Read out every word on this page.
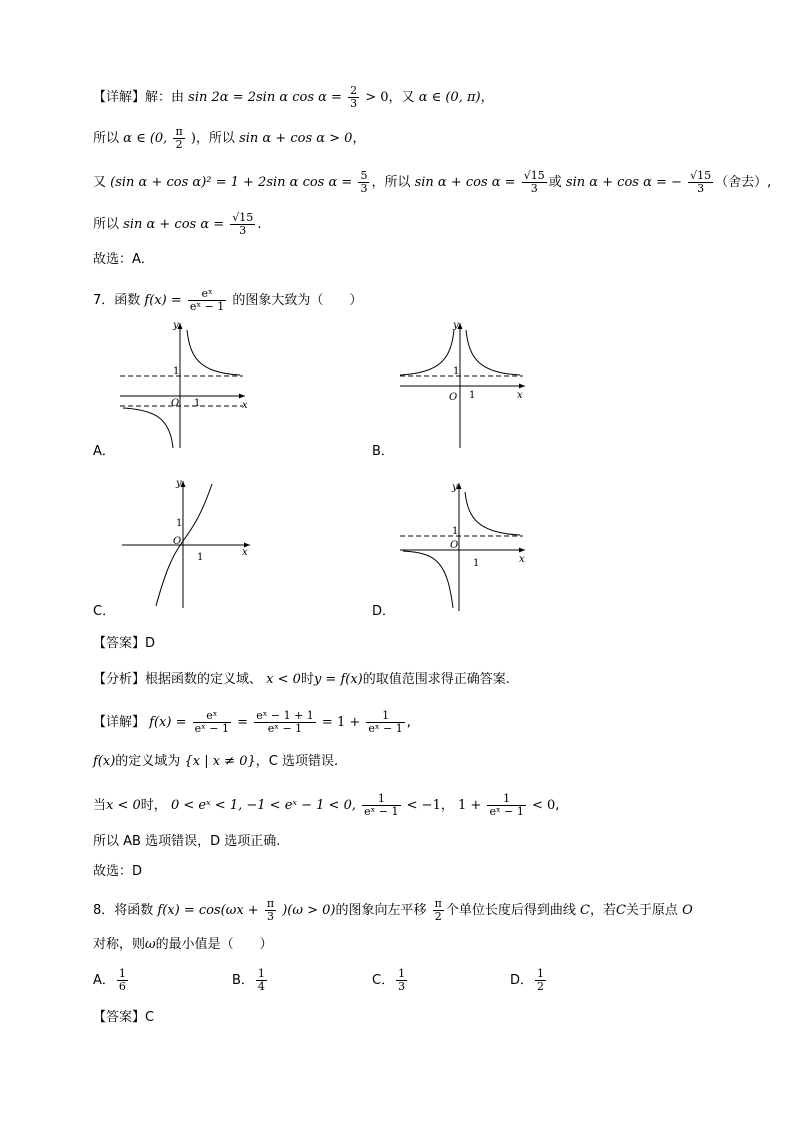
【详解】解：由 sin 2α = 2sin α $\cos \alpha = \frac{2}{3} > 0$，又 α ∈ (0, π)，
所以 α ∈ (0, $\frac{\pi}{2}$ )，所以 sin α + cos α > 0，
又 (sin α + cos α)² = 1 + 2sin α $\cos \alpha = \frac{5}{3}$ ，所以 $\sin \alpha + \cos \alpha = \frac{√15}{3}$ 或 sin α + cos α = − $\frac{√15}{3}$ （舍去）,
所以 $\sin \alpha + \cos \alpha = \frac{√15}{3}$ .
故选：A．
7．函数 $f(x) = \frac{\text{eˣ}}{\text{eˣ − 1}}$ 的图象大致为（　　）
y
x
O
1
1
A．
y
x
O
1
1
B．
y
x
O
1
1
C．
y
x
O
1
1
D．
【答案】D
【分析】根据函数的定义域、 x < 0时y = f(x)的取值范围求得正确答案.
【详解】 $f(x) = \frac{\text{eˣ}}{\text{eˣ − 1}} = \frac{\text{eˣ − 1 + 1}}{\text{eˣ − 1}} = 1 + \frac{1}{\text{eˣ − 1}}$ ,
f(x)的定义域为 {x | x ≠ 0}，C 选项错误.
当x < 0时， 0 < eˣ < 1, −1 < eˣ − 1 < 0, $\frac{1}{\text{eˣ − 1}} < -1$， $1 + \frac{1}{\text{eˣ − 1}} < 0$,
所以 AB 选项错误，D 选项正确.
故选：D
8．将函数 $f(x) = \cos(\omega x + \frac{\pi}{3} )(\omega > 0)$的图象向左平移 $\frac{\pi}{2}$ 个单位长度后得到曲线 C，若C关于原点 O
对称，则ω的最小值是（　　）
A． $\frac{1}{6}$	B． $\frac{1}{4}$	C． $\frac{1}{3}$	D． $\frac{1}{2}$
【答案】C
